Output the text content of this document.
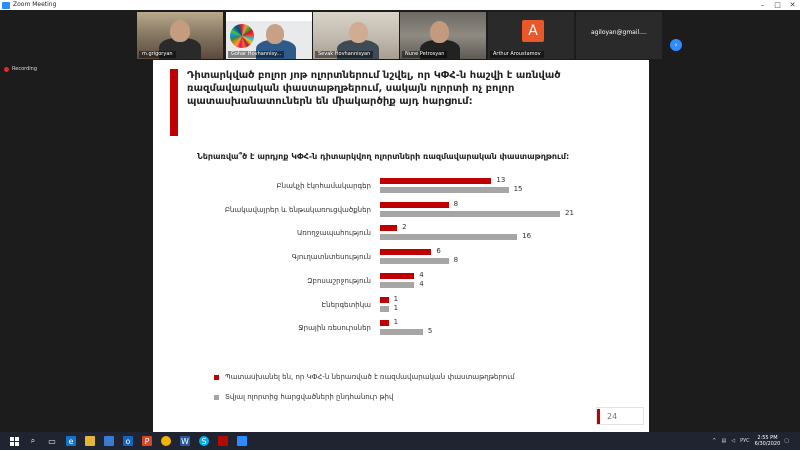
Zoom Meeting	–	□	✕
m.grigoryan	Gohar Hovhannisy...	Sevak Hovhannisyan	Nune Petrosyan	Arthur Aroustamov
A	agiloyan@gmail....
›
Recording
Դիտարկված բոլոր յոթ ոլորտներում նշվել, որ ԿՓՀ-ն հաշվի է առնված ռազմավարական փաստաթղթերում, սակայն ոլորտի ոչ բոլոր պատասխանատուներն են միակարծիք այդ հարցում:
Ներառվա՞ծ է արդյոք ԿՓՀ-ն դիտարկվող ոլորտների ռազմավարական փաստաթղթում:
Բնակչի էկոհամակարգեր
13
15
Բնակավայրեր և ենթակառուցվածքներ
8
21
Առողջապահություն
2
16
Գյուղատնտեսություն
6
8
Զբոսաշրջություն
4
4
Էներգետիկա
1
1
Ջրային ռեսուրսներ
1
5
Պատասխանել են, որ ԿՓՀ-ն ներառված է ռազմավարական փաստաթղթերում
Տվյալ ոլորտից հարցվածների ընդհանուր թիվ
24
⌕	▭	e	o	P	W	S	^ ▤ ◁ РУС	2:55 PM
6/30/2020 ▢
